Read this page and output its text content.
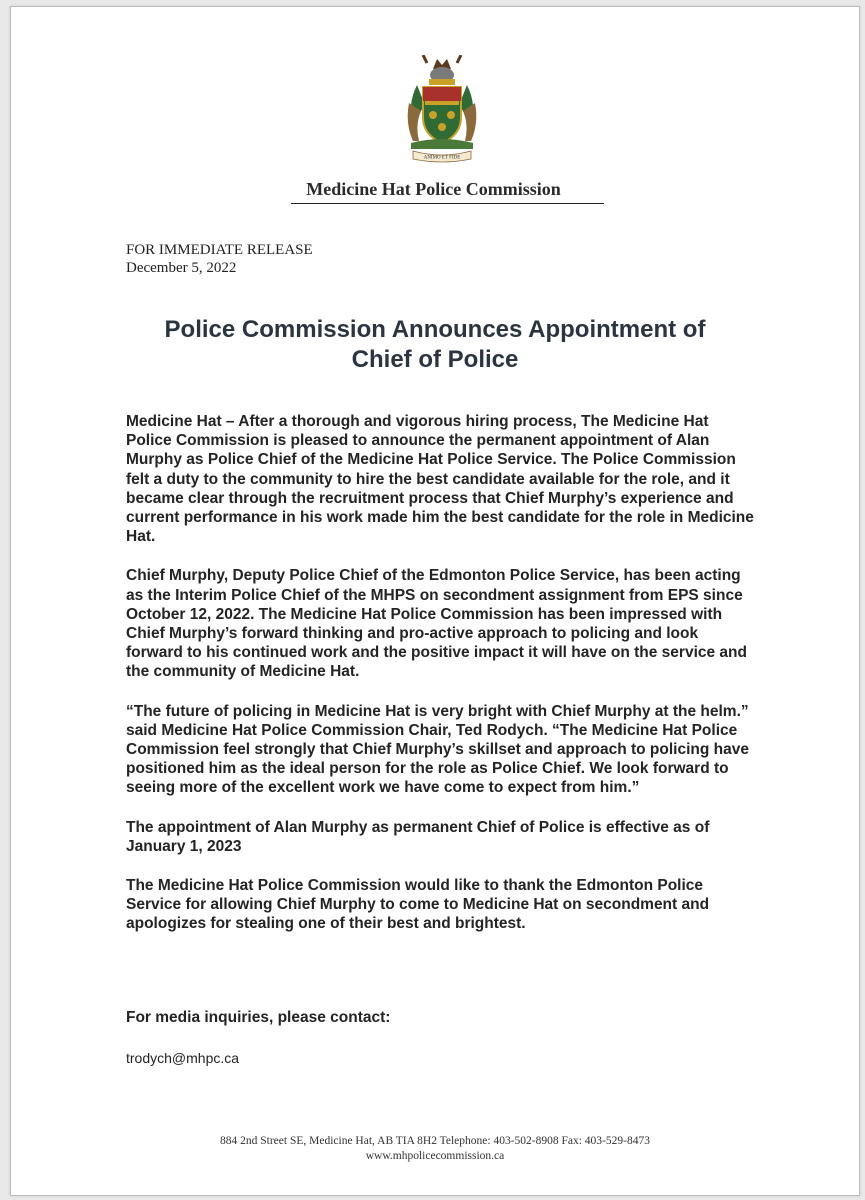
ANIMO ET FIDE
Medicine Hat Police Commission
FOR IMMEDIATE RELEASE
December 5, 2022
Police Commission Announces Appointment of
Chief of Police

Medicine Hat – After a thorough and vigorous hiring process, The Medicine Hat Police Commission is pleased to announce the permanent appointment of Alan Murphy as Police Chief of the Medicine Hat Police Service. The Police Commission felt a duty to the community to hire the best candidate available for the role, and it became clear through the recruitment process that Chief Murphy’s experience and current performance in his work made him the best candidate for the role in Medicine Hat.

Chief Murphy, Deputy Police Chief of the Edmonton Police Service, has been acting as the Interim Police Chief of the MHPS on secondment assignment from EPS since October 12, 2022. The Medicine Hat Police Commission has been impressed with Chief Murphy’s forward thinking and pro-active approach to policing and look forward to his continued work and the positive impact it will have on the service and the community of Medicine Hat.

“The future of policing in Medicine Hat is very bright with Chief Murphy at the helm.” said Medicine Hat Police Commission Chair, Ted Rodych. “The Medicine Hat Police Commission feel strongly that Chief Murphy’s skillset and approach to policing have positioned him as the ideal person for the role as Police Chief. We look forward to seeing more of the excellent work we have come to expect from him.”

The appointment of Alan Murphy as permanent Chief of Police is effective as of January 1, 2023

The Medicine Hat Police Commission would like to thank the Edmonton Police Service for allowing Chief Murphy to come to Medicine Hat on secondment and apologizes for stealing one of their best and brightest.

For media inquiries, please contact:
trodych@mhpc.ca
884 2nd Street SE, Medicine Hat, AB TIA 8H2 Telephone: 403-502-8908 Fax: 403-529-8473
www.mhpolicecommission.ca
